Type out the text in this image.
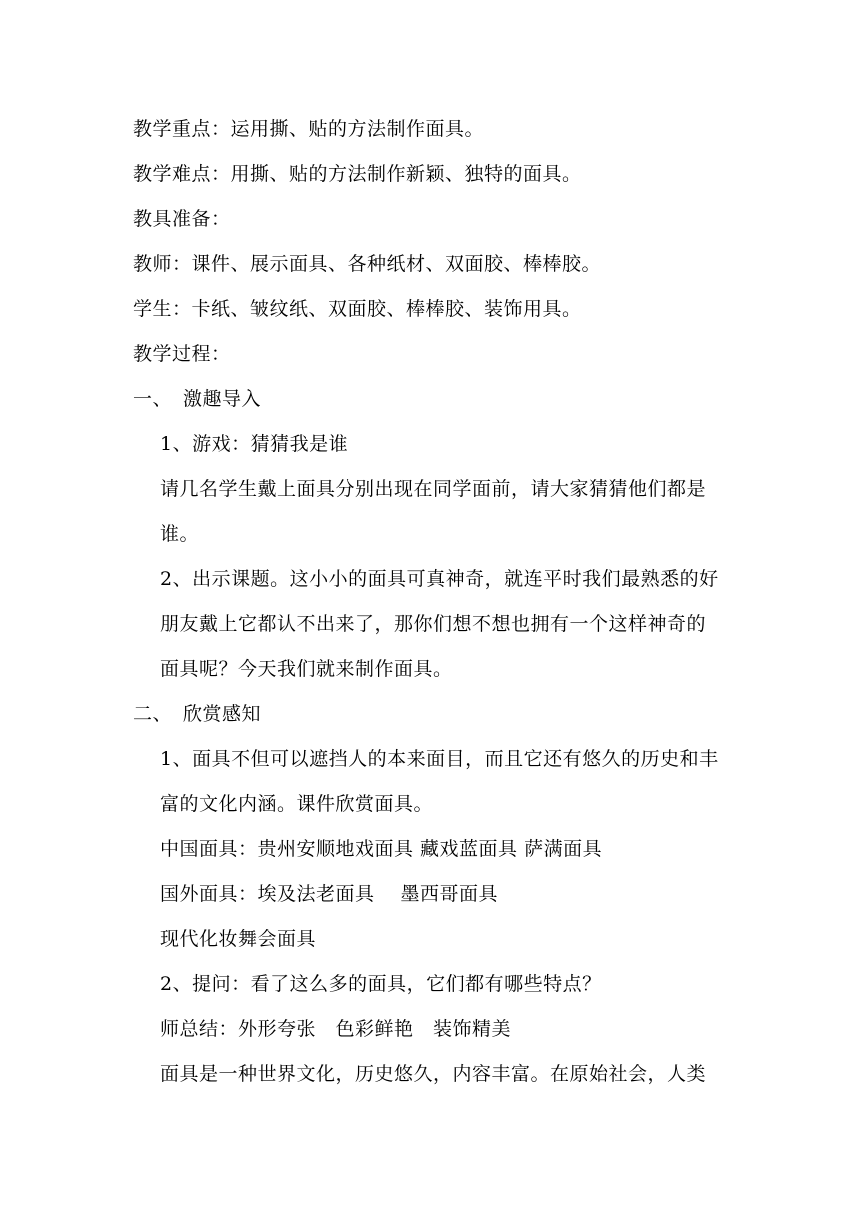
教学重点：运用撕、贴的方法制作面具。
教学难点：用撕、贴的方法制作新颖、独特的面具。
教具准备：
教师：课件、展示面具、各种纸材、双面胶、棒棒胶。
学生：卡纸、皱纹纸、双面胶、棒棒胶、装饰用具。
教学过程：
一、 激趣导入
1、游戏：猜猜我是谁
请几名学生戴上面具分别出现在同学面前，请大家猜猜他们都是
谁。
2、出示课题。这小小的面具可真神奇，就连平时我们最熟悉的好
朋友戴上它都认不出来了，那你们想不想也拥有一个这样神奇的
面具呢？今天我们就来制作面具。
二、 欣赏感知
1、面具不但可以遮挡人的本来面目，而且它还有悠久的历史和丰
富的文化内涵。课件欣赏面具。
中国面具：贵州安顺地戏面具 藏戏蓝面具 萨满面具
国外面具：埃及法老面具　 墨西哥面具
现代化妆舞会面具
2、提问：看了这么多的面具，它们都有哪些特点？
师总结：外形夸张　色彩鲜艳　装饰精美
面具是一种世界文化，历史悠久，内容丰富。在原始社会，人类
